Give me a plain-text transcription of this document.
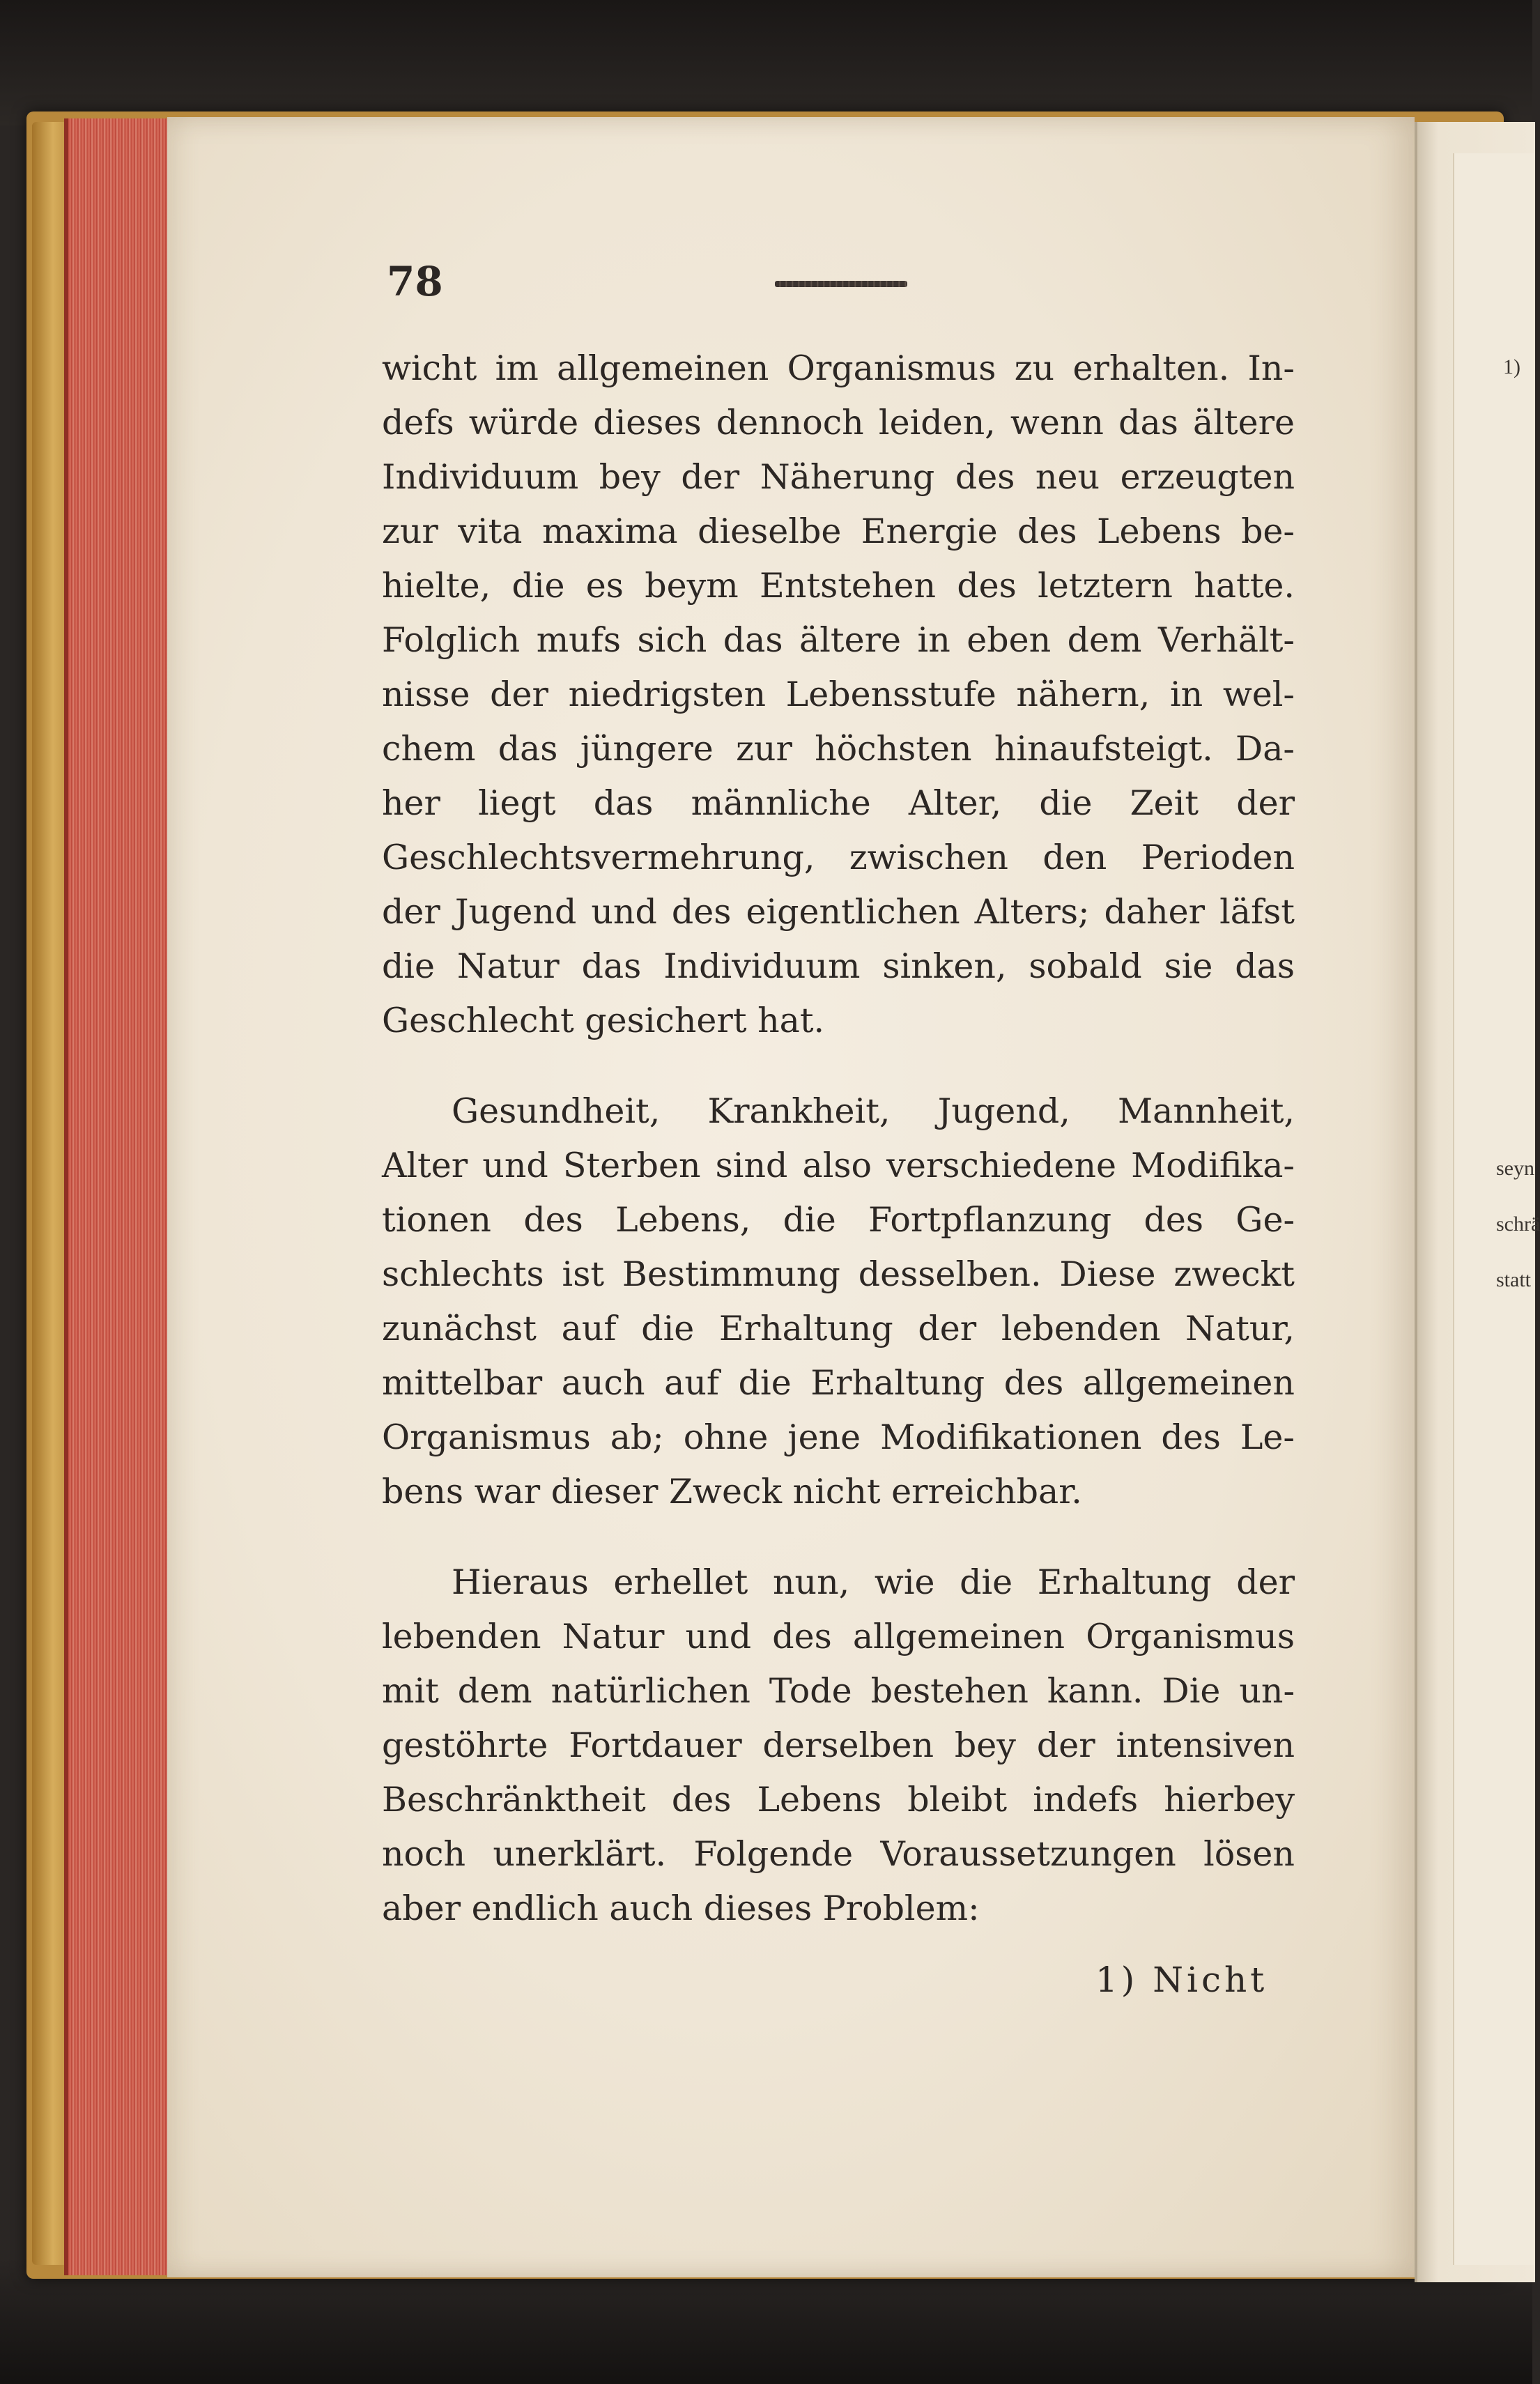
1)
seyn
schrä
statt
78
wicht im allgemeinen Organismus zu erhalten. In-
defs würde dieses dennoch leiden, wenn das ältere
Individuum bey der Näherung des neu erzeugten
zur vita maxima dieselbe Energie des Lebens be-
hielte, die es beym Entstehen des letztern hatte.
Folglich mufs sich das ältere in eben dem Verhält-
nisse der niedrigsten Lebensstufe nähern, in wel-
chem das jüngere zur höchsten hinaufsteigt. Da-
her liegt das männliche Alter, die Zeit der
Geschlechtsvermehrung, zwischen den Perioden
der Jugend und des eigentlichen Alters; daher läfst
die Natur das Individuum sinken, sobald sie das
Geschlecht gesichert hat.
Gesundheit, Krankheit, Jugend, Mannheit,
Alter und Sterben sind also verschiedene Modifika-
tionen des Lebens, die Fortpflanzung des Ge-
schlechts ist Bestimmung desselben. Diese zweckt
zunächst auf die Erhaltung der lebenden Natur,
mittelbar auch auf die Erhaltung des allgemeinen
Organismus ab; ohne jene Modifikationen des Le-
bens war dieser Zweck nicht erreichbar.
Hieraus erhellet nun, wie die Erhaltung der
lebenden Natur und des allgemeinen Organismus
mit dem natürlichen Tode bestehen kann. Die un-
gestöhrte Fortdauer derselben bey der intensiven
Beschränktheit des Lebens bleibt indefs hierbey
noch unerklärt. Folgende Voraussetzungen lösen
aber endlich auch dieses Problem:
1) Nicht
